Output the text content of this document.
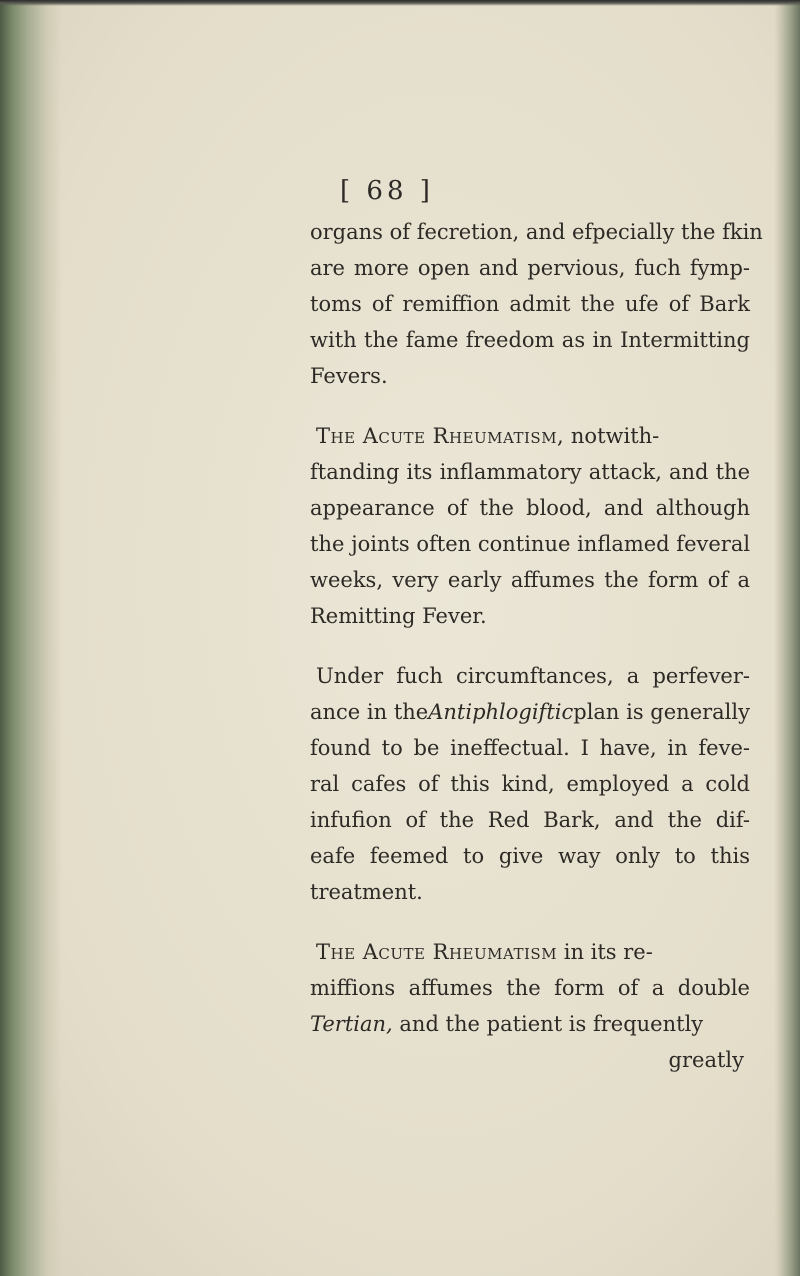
[ 68 ]
organs of fecretion, and efpecially the fkin
are more open and pervious, fuch fymp-
toms of remiffion admit the ufe of Bark
with the fame freedom as in Intermitting
Fevers.
The Acute Rheumatism, notwith-
ftanding its inflammatory attack, and the
appearance of the blood, and although
the joints often continue inflamed feveral
weeks, very early affumes the form of a
Remitting Fever.
Under fuch circumftances, a perfever-
ance in the Antiphlogiftic plan is generally
found to be ineffectual. I have, in feve-
ral cafes of this kind, employed a cold
infufion of the Red Bark, and the dif-
eafe feemed to give way only to this
treatment.
The Acute Rheumatism in its re-
miffions affumes the form of a double
Tertian, and the patient is frequently
greatly
